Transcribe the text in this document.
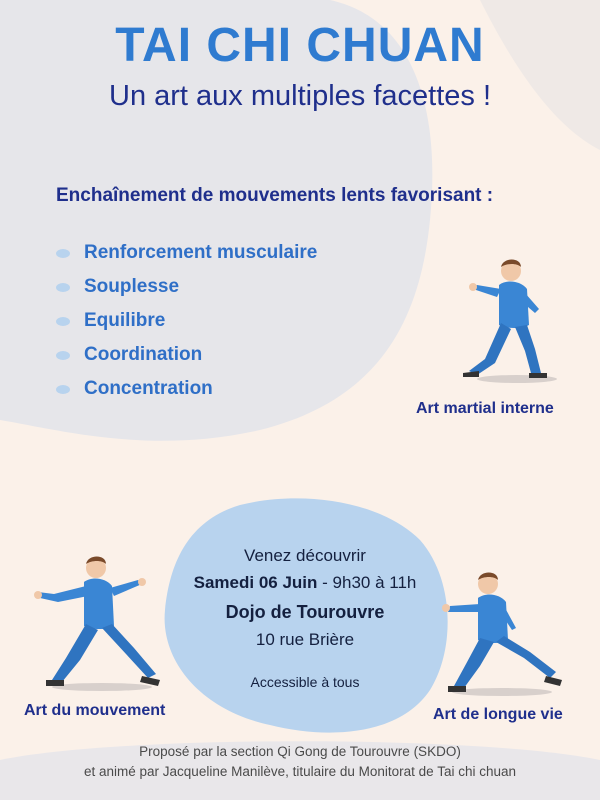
TAI CHI CHUAN
Un art aux multiples facettes !
Enchaînement de mouvements lents favorisant :
Renforcement musculaire
Souplesse
Equilibre
Coordination
Concentration
Art martial interne
Art du mouvement	Art de longue vie
Venez découvrir
Samedi 06 Juin - 9h30 à 11h
Dojo de Tourouvre
10 rue Brière
Accessible à tous
Proposé par la section Qi Gong de Tourouvre (SKDO)
et animé par Jacqueline Manilève, titulaire du Monitorat de Tai chi chuan
